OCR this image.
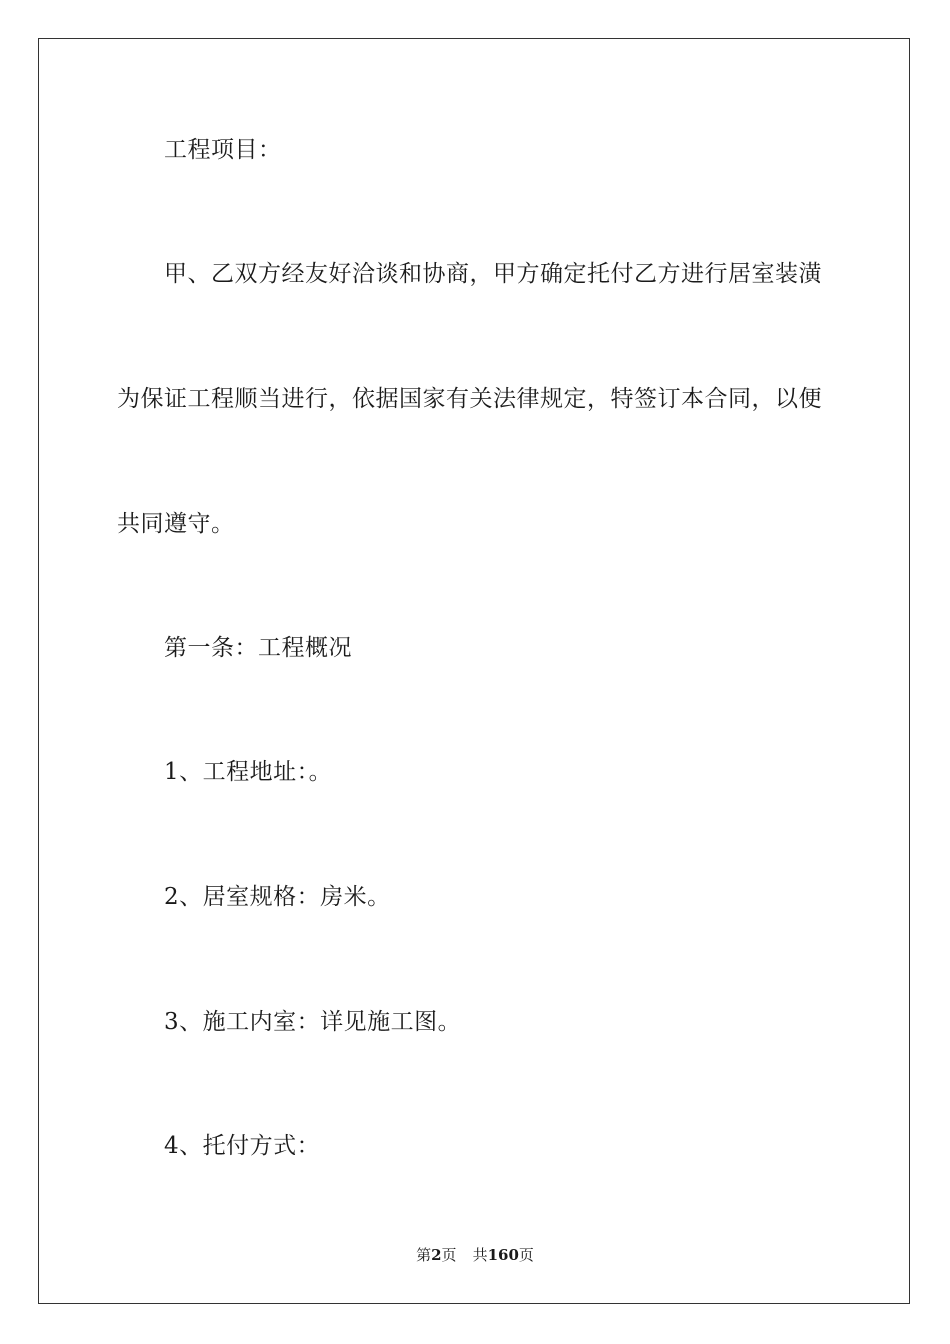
工程项目：
甲、乙双方经友好洽谈和协商，甲方确定托付乙方进行居室装潢
为保证工程顺当进行，依据国家有关法律规定，特签订本合同，以便
共同遵守。
第一条：工程概况
1、工程地址：。
2、居室规格：房米。
3、施工内室：详见施工图。
4、托付方式：
第2页 共160页
